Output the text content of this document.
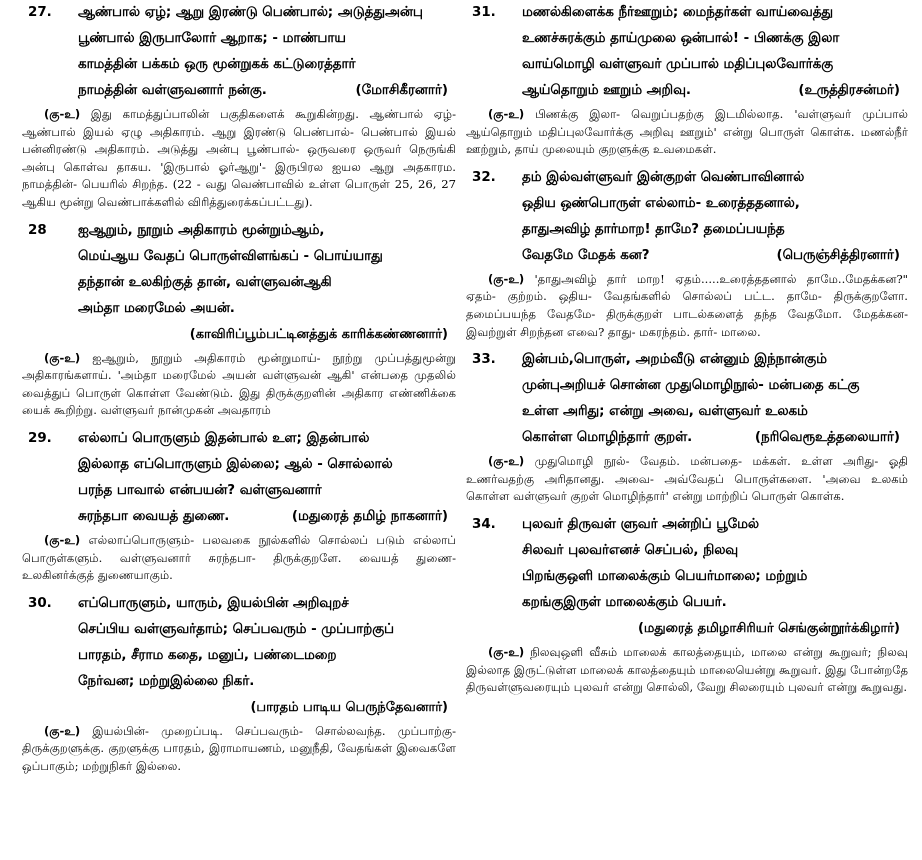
27.	ஆண்பால் ஏழ்; ஆறு இரண்டு பெண்பால்; அடுத்துஅன்பு
பூண்பால் இருபாலோர் ஆறாக; - மாண்பாய
காமத்தின் பக்கம் ஒரு மூன்றுகக் கட்டுரைத்தார்
நாமத்தின் வள்ளுவனார் நன்கு.	(மோசிகீரனார்)

(கு-உ) இது காமத்துப்பாலின் பகுதிகளைக் கூறுகின்றது. ஆண்பால் ஏழ்- ஆண்பால் இயல் ஏழு அதிகாரம். ஆறு இரண்டு பெண்பால்- பெண்பால் இயல் பன்னிரண்டு அதிகாரம். அடுத்து அன்பு பூண்பால்- ஒருவரை ஒருவர் நெருங்கி அன்பு கொள்வ தாகய. 'இருபால் ஓர்ஆறு'- இருபிரல ஐயல ஆறு அதகாரம. நாமத்தின்- பெயரில் சிறந்த. (22 - வது வெண்பாவில் உள்ள பொருள் 25, 26, 27 ஆகிய மூன்று வெண்பாக்களில் விரித்துரைக்கப்பட்டது).

28	ஐஆறும், நூறும் அதிகாரம் மூன்றும்ஆம்,
மெய்ஆய வேதப் பொருள்விளங்கப் - பொய்யாது
தந்தான் உலகிற்குத் தான், வள்ளுவன்ஆகி
அம்தா மரைமேல் அயன்.
(காவிரிப்பூம்பட்டினத்துக் காரிக்கண்ணனார்)

(கு-உ) ஐஆறும், நூறும் அதிகாரம் மூன்றுமாய்- நூற்று முப்பத்துமூன்று அதிகாரங்களாய். 'அம்தா மரைமேல் அயன் வள்ளுவன் ஆகி' என்பதை முதலில் வைத்துப் பொருள் கொள்ள வேண்டும். இது திருக்குறளின் அதிகார எண்ணிக்கை யைக் கூறிற்று. வள்ளுவர் நான்முகன் அவதாரம்

29.	எல்லாப் பொருளும் இதன்பால் உள; இதன்பால்
இல்லாத எப்பொருளும் இல்லை; ஆல் - சொல்லால்
பரந்த பாவால் என்பயன்? வள்ளுவனார்
சுரந்தபா வையத் துணை.	(மதுரைத் தமிழ் நாகனார்)

(கு-உ) எல்லாப்பொருளும்- பலவகை நூல்களில் சொல்லப் படும் எல்லாப் பொருள்களும். வள்ளுவனார் சுரந்தபா- திருக்குறளே. வையத் துணை- உலகினர்க்குத் துணையாகும்.

30.	எப்பொருளும், யாரும், இயல்பின் அறிவுறச்
செப்பிய வள்ளுவர்தாம்; செப்பவரும் - முப்பாற்குப்
பாரதம், சீராம கதை, மனுப், பண்டைமறை
நேர்வன; மற்றுஇல்லை நிகர்.
(பாரதம் பாடிய பெருந்தேவனார்)

(கு-உ) இயல்பின்- முறைப்படி. செப்பவரும்- சொல்லவந்த. முப்பாற்கு- திருக்குறளுக்கு. குறளுக்கு பாரதம், இராமாயணம், மனுநீதி, வேதங்கள் இவைகளே ஒப்பாகும்; மற்றுநிகர் இல்லை.

31.	மணல்கிளைக்க நீர்ஊறும்; மைந்தர்கள் வாய்வைத்து
உணச்சுரக்கும் தாய்முலை ஒன்பால்! - பிணக்கு இலா
வாய்மொழி வள்ளுவர் முப்பால் மதிப்புலவோர்க்கு
ஆய்தொறும் ஊறும் அறிவு.	(உருத்திரசன்மர்)

(கு-உ) பிணக்கு இலா- வெறுப்பதற்கு இடமில்லாத. 'வள்ளுவர் முப்பால் ஆய்தொறும் மதிப்புலவோர்க்கு அறிவு ஊறும்' என்று பொருள் கொள்க. மணல்நீர் ஊற்றும், தாய் முலையும் குறளுக்கு உவமைகள்.

32.	தம் இல்வள்ளுவர் இன்குறள் வெண்பாவினால்
ஒதிய ஒண்பொருள் எல்லாம்- உரைத்ததனால்,
தாதுஅவிழ் தார்மாற! தாமே? தமைப்பயந்த
வேதமே மேதக் கன?	(பெருஞ்சித்திரனார்)

(கு-உ) 'தாதுஅவிழ் தார் மாற! ஏதம்.....உரைத்ததனால் தாமே..மேதக்கன?" ஏதம்- குற்றம். ஒதிய- வேதங்களில் சொல்லப் பட்ட. தாமே- திருக்குறளோ. தமைப்பயந்த வேதமே- திருக்குறள் பாடல்களைத் தந்த வேதமோ. மேதக்கன- இவற்றுள் சிறந்தன எவை? தாது- மகரந்தம். தார்- மாலை.

33.	இன்பம்,பொருள், அறம்வீடு என்னும் இந்நான்கும்
முன்புஅறியச் சொன்ன முதுமொழிநூல்- மன்பதை கட்கு
உள்ள அரிது; என்று அவை, வள்ளுவர் உலகம்
கொள்ள மொழிந்தார் குறள்.	(நரிவெரூஉத்தலையார்)

(கு-உ) முதுமொழி நூல்- வேதம். மன்பதை- மக்கள். உள்ள அரிது- ஓதி உணர்வதற்கு அரிதானது. அவை- அவ்வேதப் பொருள்களை. 'அவை உலகம் கொள்ள வள்ளுவர் குறள் மொழிந்தார்' என்று மாற்றிப் பொருள் கொள்க.

34.	புலவர் திருவள் ளுவர் அன்றிப் பூமேல்
சிலவர் புலவர்எனச் செப்பல், நிலவு
பிறங்குஒளி மாலைக்கும் பெயர்மாலை; மற்றும்
கறங்குஇருள் மாலைக்கும் பெயர்.
(மதுரைத் தமிழாசிரியர் செங்குன்றூர்க்கிழார்)

(கு-உ) நிலவுஒளி வீசும் மாலைக் காலத்தையும், மாலை என்று கூறுவர்; நிலவு இல்லாத இருட்டுள்ள மாலைக் காலத்தையும் மாலையென்று கூறுவர். இது போன்றதே திருவள்ளுவரையும் புலவர் என்று சொல்லி, வேறு சிலரையும் புலவர் என்று கூறுவது.
